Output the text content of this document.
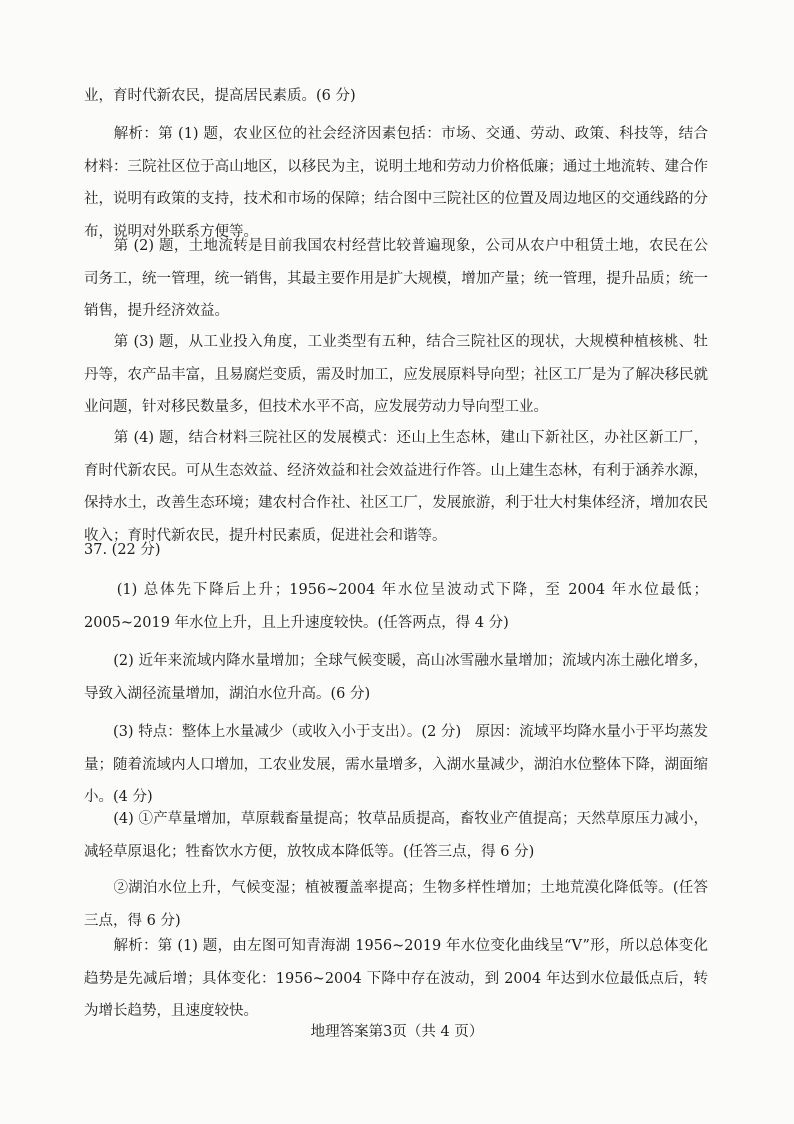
业，育时代新农民，提高居民素质。(6 分)

　　解析：第 (1) 题，农业区位的社会经济因素包括：市场、交通、劳动、政策、科技等，结合材料：三院社区位于高山地区，以移民为主，说明土地和劳动力价格低廉；通过土地流转、建合作社，说明有政策的支持，技术和市场的保障；结合图中三院社区的位置及周边地区的交通线路的分布，说明对外联系方便等。

　　第 (2) 题，土地流转是目前我国农村经营比较普遍现象，公司从农户中租赁土地，农民在公司务工，统一管理，统一销售，其最主要作用是扩大规模，增加产量；统一管理，提升品质；统一销售，提升经济效益。

　　第 (3) 题，从工业投入角度，工业类型有五种，结合三院社区的现状，大规模种植核桃、牡丹等，农产品丰富，且易腐烂变质，需及时加工，应发展原料导向型；社区工厂是为了解决移民就业问题，针对移民数量多，但技术水平不高，应发展劳动力导向型工业。

　　第 (4) 题，结合材料三院社区的发展模式：还山上生态林，建山下新社区，办社区新工厂，育时代新农民。可从生态效益、经济效益和社会效益进行作答。山上建生态林，有利于涵养水源，保持水土，改善生态环境；建农村合作社、社区工厂，发展旅游，利于壮大村集体经济，增加农民收入；育时代新农民，提升村民素质，促进社会和谐等。

37. (22 分)

　　(1) 总体先下降后上升；1956~2004 年水位呈波动式下降，至 2004 年水位最低；2005~2019 年水位上升，且上升速度较快。(任答两点，得 4 分)

　　(2) 近年来流域内降水量增加；全球气候变暖，高山冰雪融水量增加；流域内冻土融化增多，导致入湖径流量增加，湖泊水位升高。(6 分)

　　(3) 特点：整体上水量减少（或收入小于支出）。(2 分)　原因：流域平均降水量小于平均蒸发量；随着流域内人口增加，工农业发展，需水量增多，入湖水量减少，湖泊水位整体下降，湖面缩小。(4 分)

　　(4) ①产草量增加，草原载畜量提高；牧草品质提高，畜牧业产值提高；天然草原压力减小，减轻草原退化；牲畜饮水方便，放牧成本降低等。(任答三点，得 6 分)

　　②湖泊水位上升，气候变湿；植被覆盖率提高；生物多样性增加；土地荒漠化降低等。(任答三点，得 6 分)

　　解析：第 (1) 题，由左图可知青海湖 1956~2019 年水位变化曲线呈“V”形，所以总体变化趋势是先减后增；具体变化：1956~2004 下降中存在波动，到 2004 年达到水位最低点后，转为增长趋势，且速度较快。

地理答案第3页（共 4 页）
